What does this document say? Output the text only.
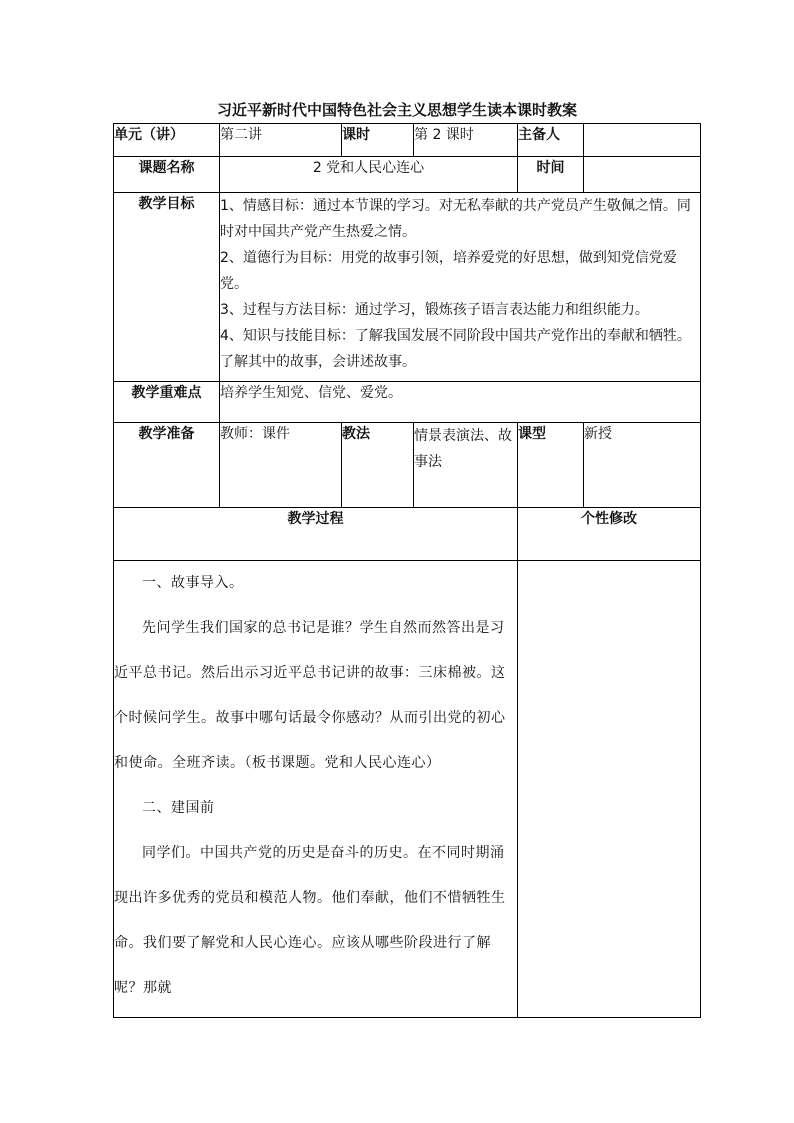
习近平新时代中国特色社会主义思想学生读本课时教案
单元（讲）	第二讲	课时	第 2 课时	主备人	
课题名称	2 党和人民心连心			时间	
教学目标	1、情感目标：通过本节课的学习。对无私奉献的共产党员产生敬佩之情。同时对中国共产党产生热爱之情。

2、道德行为目标：用党的故事引领，培养爱党的好思想，做到知党信党爱党。

3、过程与方法目标：通过学习，锻炼孩子语言表达能力和组织能力。

4、知识与技能目标：了解我国发展不同阶段中国共产党作出的奉献和牺牲。了解其中的故事，会讲述故事。				

教学重难点	培养学生知党、信党、爱党。				
教学准备	教师：课件	教法	情景表演法、故事法	课型	新授
教学过程				个性修改	

一、故事导入。

先问学生我们国家的总书记是谁？学生自然而然答出是习近平总书记。然后出示习近平总书记讲的故事：三床棉被。这个时候问学生。故事中哪句话最令你感动？从而引出党的初心和使命。全班齐读。（板书课题。党和人民心连心）

二、建国前

同学们。中国共产党的历史是奋斗的历史。在不同时期涌现出许多优秀的党员和模范人物。他们奉献，他们不惜牺牲生命。我们要了解党和人民心连心。应该从哪些阶段进行了解呢？那就					
